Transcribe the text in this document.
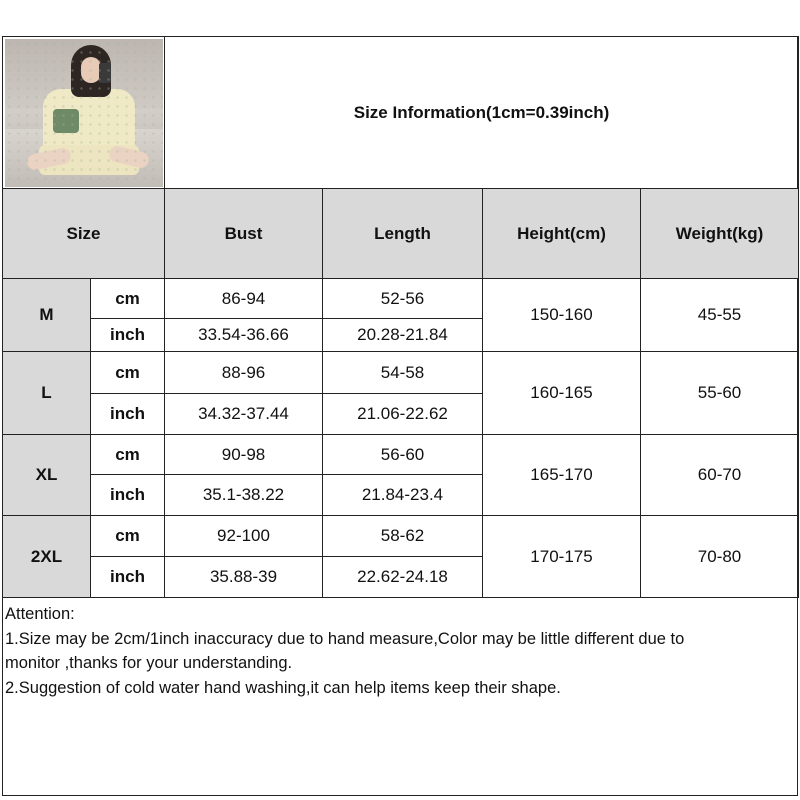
		Size Information(1cm=0.39inch)			
Size		Bust	Length	Height(cm)	Weight(kg)
M	cm	86-94	52-56	150-160	45-55
	inch	33.54-36.66	20.28-21.84		
L	cm	88-96	54-58	160-165	55-60
	inch	34.32-37.44	21.06-22.62		
XL	cm	90-98	56-60	165-170	60-70
	inch	35.1-38.22	21.84-23.4		
2XL	cm	92-100	58-62	170-175	70-80
	inch	35.88-39	22.62-24.18		
Attention:
1.Size may be 2cm/1inch inaccuracy due to hand measure,Color may be little different due to
monitor ,thanks for your understanding.
2.Suggestion of cold water hand washing,it can help items keep their shape.
